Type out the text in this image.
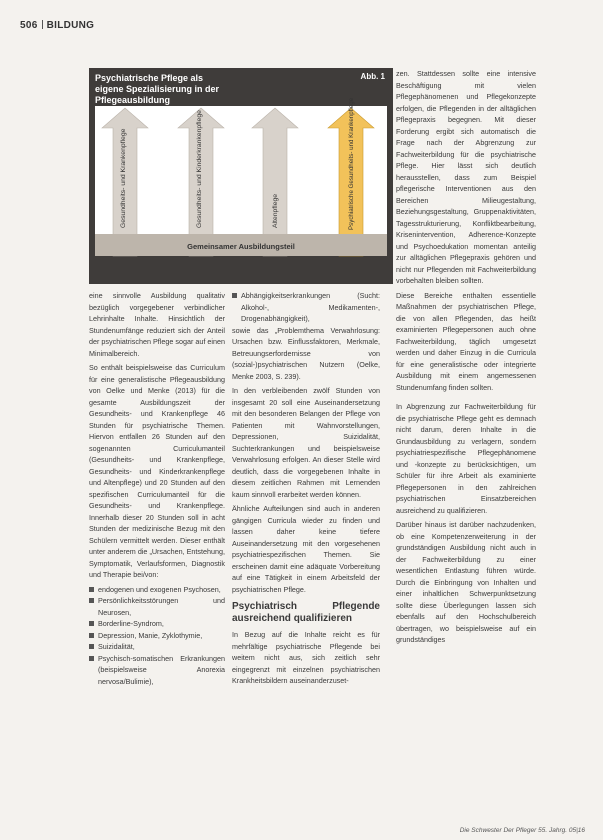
506 BILDUNG
Gemeinsamer Ausbildungsteil
Gesundheits- und Krankenpflege	Gesundheits- und Kinderkrankenpflege	Altenpflege	Psychiatrische Gesundheits- und Krankenpflege
Psychiatrische Pflege als
eigene Spezialisierung in der Pflegeausbildung
Abb. 1

eine sinnvolle Ausbildung qualitativ bezüglich vorgegebener verbindlicher Lehrinhalte Inhalte. Hinsichtlich der Stundenumfänge reduziert sich der Anteil der psychiatrischen Pflege sogar auf einen Minimalbereich.

So enthält beispielsweise das Curriculum für eine generalistische Pflegeausbildung von Oelke und Menke (2013) für die gesamte Ausbildungszeit der Gesundheits- und Krankenpflege 46 Stunden für psychiatrische Themen. Hiervon entfallen 26 Stunden auf den sogenannten Curriculumanteil (Gesundheits- und Krankenpflege, Gesundheits- und Kinderkrankenpflege und Altenpflege) und 20 Stunden auf den spezifischen Curriculumanteil für die Gesundheits- und Krankenpflege. Innerhalb dieser 20 Stunden soll in acht Stunden der medizinische Bezug mit den Schülern vermittelt werden. Dieser enthält unter anderem die „Ursachen, Entstehung, Symptomatik, Verlaufsformen, Diagnostik und Therapie bei/von:

endogenen und exogenen Psychosen,
Persönlichkeitsstörungen und Neurosen,
Borderline-Syndrom,
Depression, Manie, Zyklothymie,
Suizidalität,
Psychisch-somatischen Erkrankungen (beispielsweise Anorexia nervosa/Bulimie),
Abhängigkeitserkrankungen (Sucht: Alkohol-, Medikamenten-, Drogenabhängigkeit),

sowie das „Problemthema Verwahrlosung: Ursachen bzw. Einflussfaktoren, Merkmale, Betreuungserfordernisse von (sozial-)psychiatrischen Nutzern (Oelke, Menke 2003, S. 239).

In den verbleibenden zwölf Stunden von insgesamt 20 soll eine Auseinandersetzung mit den besonderen Belangen der Pflege von Patienten mit Wahnvorstellungen, Depressionen, Suizidalität, Suchterkrankungen und beispielsweise Verwahrlosung erfolgen. An dieser Stelle wird deutlich, dass die vorgegebenen Inhalte in diesem zeitlichen Rahmen mit Lernenden kaum sinnvoll erarbeitet werden können.

Ähnliche Aufteilungen sind auch in anderen gängigen Curricula wieder zu finden und lassen daher keine tiefere Auseinandersetzung mit den vorgesehenen psychiatriespezifischen Themen. Sie erscheinen damit eine adäquate Vorbereitung auf eine Tätigkeit in einem Arbeitsfeld der psychiatrischen Pflege.

Psychiatrisch Pflegende ausreichend qualifizieren

In Bezug auf die Inhalte reicht es für mehrfältige psychiatrische Pflegende bei weitem nicht aus, sich zeitlich sehr eingegrenzt mit einzelnen psychiatrischen Krankheitsbildern auseinanderzuset-

zen. Stattdessen sollte eine intensive Beschäftigung mit vielen Pflegephänomenen und Pflegekonzepte erfolgen, die Pflegenden in der alltäglichen Pflegepraxis begegnen. Mit dieser Forderung ergibt sich automatisch die Frage nach der Abgrenzung zur Fachweiterbildung für die psychiatrische Pflege. Hier lässt sich deutlich herausstellen, dass zum Beispiel pflegerische Interventionen aus den Bereichen Milieugestaltung, Beziehungsgestaltung, Gruppenaktivitäten, Tagesstrukturierung, Konfliktbearbeitung, Krisenintervention, Adherence-Konzepte und Psychoedukation momentan anteilig zur alltäglichen Pflegepraxis gehören und nicht nur Pflegenden mit Fachweiterbildung vorbehalten bleiben sollten.

Diese Bereiche enthalten essentielle Maßnahmen der psychiatrischen Pflege, die von allen Pflegenden, das heißt examinierten Pflegepersonen auch ohne Fachweiterbildung, täglich umgesetzt werden und daher Einzug in die Curricula für eine generalistische oder integrierte Ausbildung mit einem angemessenen Stundenumfang finden sollten.

In Abgrenzung zur Fachweiterbildung für die psychiatrische Pflege geht es demnach nicht darum, deren Inhalte in die Grundausbildung zu verlagern, sondern psychiatriespezifische Pflegephänomene und -konzepte zu berücksichtigen, um Schüler für ihre Arbeit als examinierte Pflegepersonen in den zahlreichen psychiatrischen Einsatzbereichen ausreichend zu qualifizieren.

Darüber hinaus ist darüber nachzudenken, ob eine Kompetenzerweiterung in der grundständigen Ausbildung nicht auch in der Fachweiterbildung zu einer wesentlichen Entlastung führen würde. Durch die Einbringung von Inhalten und einer inhaltlichen Schwerpunktsetzung sollte diese Überlegungen lassen sich ebenfalls auf den Hochschulbereich übertragen, wo beispielsweise auf ein grundständiges

Die Schwester Der Pfleger 55. Jahrg. 05|16
